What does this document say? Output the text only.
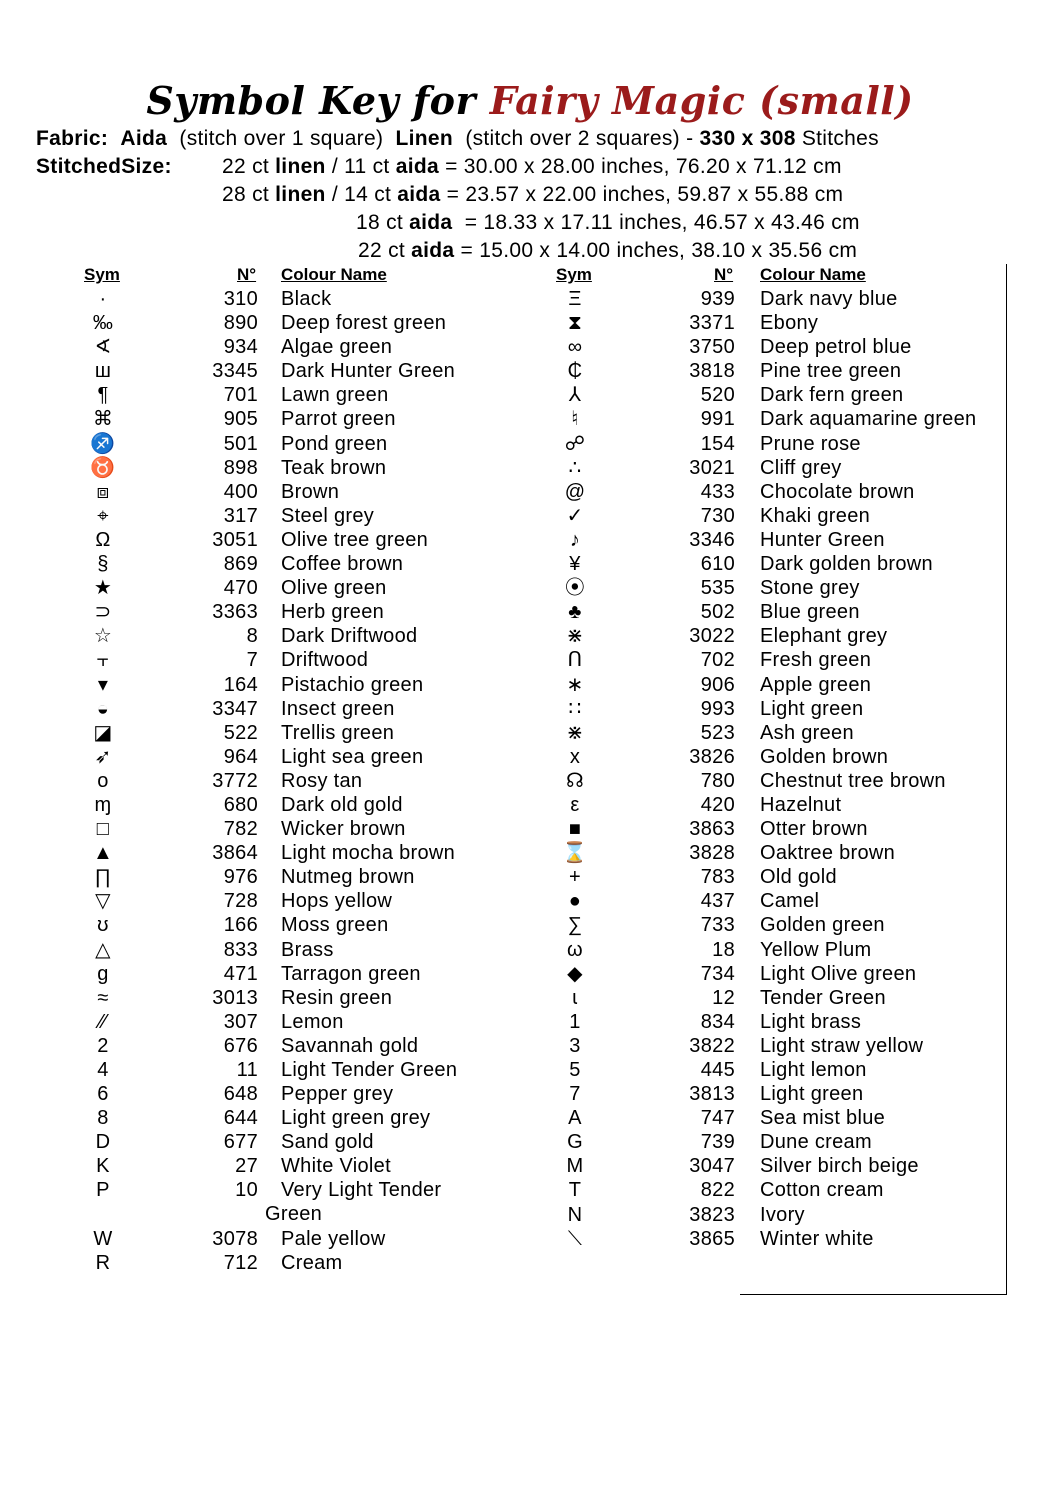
Symbol Key for Fairy Magic (small)
Fabric: Aida (stitch over 1 square) Linen (stitch over 2 squares) - 330 x 308 Stitches
StitchedSize: 22 ct linen / 11 ct aida = 30.00 x 28.00 inches, 76.20 x 71.12 cm
28 ct linen / 14 ct aida = 23.57 x 22.00 inches, 59.87 x 55.88 cm
18 ct aida = 18.33 x 17.11 inches, 46.57 x 43.46 cm
22 ct aida = 15.00 x 14.00 inches, 38.10 x 35.56 cm
Sym	N° Colour Name	Sym	N° Colour Name
·	310 Black
‰	890 Deep forest green
∢	934 Algae green
ш	3345 Dark Hunter Green
¶	701 Lawn green
⌘	905 Parrot green
♐	501 Pond green
♉	898 Teak brown
⧈	400 Brown
⌖	317 Steel grey
Ω	3051 Olive tree green
§	869 Coffee brown
★	470 Olive green
⊃	3363 Herb green
☆	8 Dark Driftwood
⫟	7 Driftwood
▾	164 Pistachio green
◒	3347 Insect green
◪	522 Trellis green
➶	964 Light sea green
o	3772 Rosy tan
ɱ	680 Dark old gold
□	782 Wicker brown
▲	3864 Light mocha brown
∏	976 Nutmeg brown
▽	728 Hops yellow
ʊ	166 Moss green
△	833 Brass
g	471 Tarragon green
≈	3013 Resin green
⁄⁄	307 Lemon
2	676 Savannah gold
4	11 Light Tender Green
6	648 Pepper grey
8	644 Light green grey
D	677 Sand gold
K	27 White Violet
P	10	Very Light Tender Green
W	3078 Pale yellow
R	712 Cream
Ξ	939 Dark navy blue
⧗	3371 Ebony
∞	3750 Deep petrol blue
₵	3818 Pine tree green
⅄	520 Dark fern green
♮	991 Dark aquamarine green
☍	154 Prune rose
∴	3021 Cliff grey
@	433 Chocolate brown
✓	730 Khaki green
♪	3346 Hunter Green
¥	610 Dark golden brown
⦿	535 Stone grey
♣	502 Blue green
⋇	3022 Elephant grey
ᑎ	702 Fresh green
∗	906 Apple green
∷	993 Light green
⋇	523 Ash green
x	3826 Golden brown
☊	780 Chestnut tree brown
ε	420 Hazelnut
■	3863 Otter brown
⌛	3828 Oaktree brown
+	783 Old gold
●	437 Camel
∑	733 Golden green
ω	18 Yellow Plum
◆	734 Light Olive green
ɩ	12 Tender Green
1	834 Light brass
3	3822 Light straw yellow
5	445 Light lemon
7	3813 Light green
A	747 Sea mist blue
G	739 Dune cream
M	3047 Silver birch beige
T	822 Cotton cream
N	3823 Ivory
⟍	3865 Winter white
